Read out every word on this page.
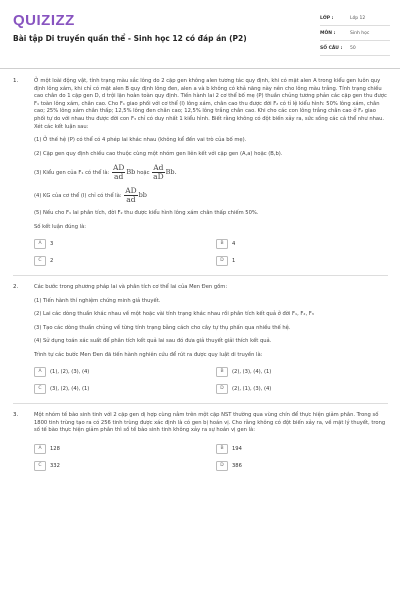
QUIZIZZ
Bài tập Di truyền quần thể - Sinh học 12 có đáp án (P2)
LỚP :	Lớp 12
MÔN :	Sinh học
SỐ CÂU :	50
1.	Ở một loài động vật, tính trạng màu sắc lông do 2 cặp gen không alen tương tác quy định, khi có mặt alen A trong kiểu gen luôn quy định lông xám, khi chỉ có mặt alen B quy định lông đen, alen a và b không có khả năng này nên cho lông màu trắng. Tính trạng chiều cao chân do 1 cặp gen D, d trội lặn hoàn toàn quy định. Tiến hành lai 2 cơ thể bố mẹ (P) thuần chủng tương phản các cặp gen thu được F₁ toàn lông xám, chân cao. Cho F₁ giao phối với cơ thể (I) lông xám, chân cao thu được đời F₂ có tỉ lệ kiểu hình: 50% lông xám, chân cao; 25% lông xám chân thấp; 12,5% lông đen chân cao; 12,5% lông trắng chân cao. Khi cho các con lông trắng chân cao ở F₂ giao phối tự do với nhau thu được đời con F₃ chỉ có duy nhất 1 kiểu hình. Biết rằng không có đột biến xảy ra, sức sống các cá thể như nhau. Xét các kết luận sau:
(1) Ở thế hệ (P) có thể có 4 phép lai khác nhau (không kể đến vai trò của bố mẹ).
(2) Cặp gen quy định chiều cao thuộc cùng một nhóm gen liên kết với cặp gen (A,a) hoặc (B,b).
(3) Kiểu gen của F₁ có thể là: $\frac{AD}{ad}$ Bb hoặc $\frac{Ad}{aD} Bb$.
(4) KG của cơ thể (I) chỉ có thể là: $\frac{AD}{ad}$ bb
(5) Nếu cho F₁ lai phân tích, đời F₂ thu được kiểu hình lông xám chân thấp chiếm 50%.
Số kết luận đúng là:
A	3	B	4
C	2	D	1
2.	Các bước trong phương pháp lai và phân tích cơ thể lai của Men Đen gồm:
(1) Tiến hành thí nghiệm chứng minh giả thuyết.
(2) Lai các dòng thuần khác nhau về một hoặc vài tính trạng khác nhau rồi phân tích kết quả ở đời F₁, F₂, F₃
(3) Tạo các dòng thuần chủng về từng tính trạng bằng cách cho cây tự thụ phấn qua nhiều thế hệ.
(4) Sử dụng toán xác suất để phân tích kết quả lai sau đó đưa giả thuyết giải thích kết quả.
Trình tự các bước Men Đen đã tiến hành nghiên cứu để rút ra được quy luật di truyền là:
A	(1), (2), (3), (4)	B	(2), (3), (4), (1)
C	(3), (2), (4), (1)	D	(2), (1), (3), (4)
3.	Một nhóm tế bào sinh tinh với 2 cặp gen dị hợp cùng nằm trên một cặp NST thường qua vùng chín để thực hiện giảm phân. Trong số 1800 tinh trùng tạo ra có 256 tinh trùng được xác định là có gen bị hoán vị. Cho rằng không có đột biến xảy ra, về mặt lý thuyết, trong số tế bào thực hiện giảm phân thì số tế bào sinh tinh không xảy ra sự hoán vị gen là:
A	128	B	194
C	332	D	386
